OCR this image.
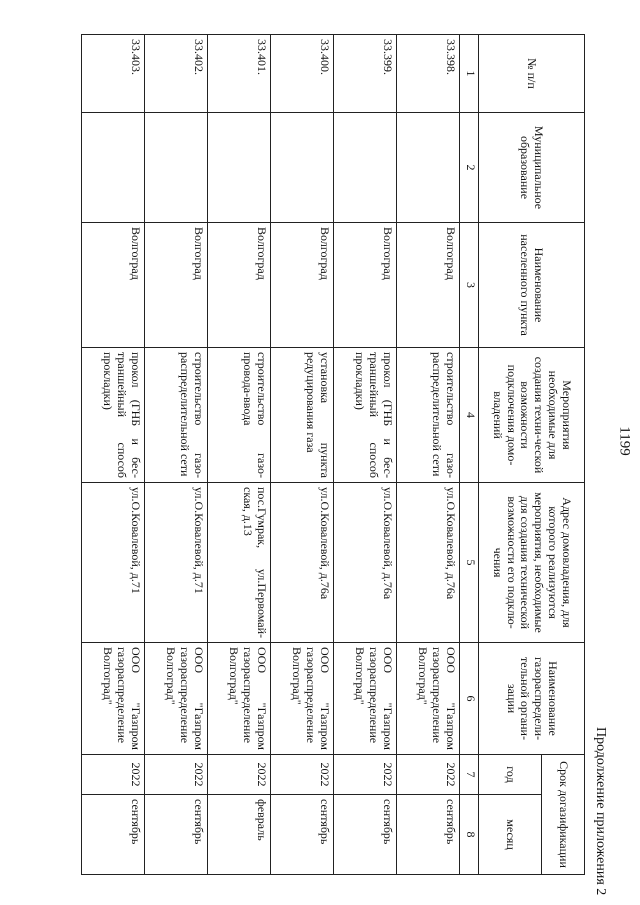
1199
Продолжение приложения 2
№ п/п	Муниципальное образование	Наименование населенного пункта	Мероприятия необходимые для создания техни-ческой возможности подключения домо-владений	Адрес домовладения, для которого реализуются мероприятия, необходимые для создания технической возможности его подклю-чения	Наименование газораспредели-тельной органи-зации	Срок догазификации	
						год	месяц
1	2	3	4	5	6	7	8
33.398.		Волгоград	строительство газо-распределительной сети	ул.О.Ковалевой, д.76а	ООО "Газпром газораспределение Волгоград"	2022	сентябрь
33.399.		Волгоград	прокол (ГНБ и бес-траншейный способ прокладки)	ул.О.Ковалевой, д.76а	ООО "Газпром газораспределение Волгоград"	2022	сентябрь
33.400.		Волгоград	установка пункта редуцирования газа	ул.О.Ковалевой, д.76а	ООО "Газпром газораспределение Волгоград"	2022	сентябрь
33.401.		Волгоград	строительство газо-провода-ввода	пос.Гумрак, ул.Первомай-ская, д.13	ООО "Газпром газораспределение Волгоград"	2022	февраль
33.402.		Волгоград	строительство газо-распределительной сети	ул.О.Ковалевой, д.71	ООО "Газпром газораспределение Волгоград"	2022	сентябрь
33.403.		Волгоград	прокол (ГНБ и бес-траншейный способ прокладки)	ул.О.Ковалевой, д.71	ООО "Газпром газораспределение Волгоград"	2022	сентябрь
